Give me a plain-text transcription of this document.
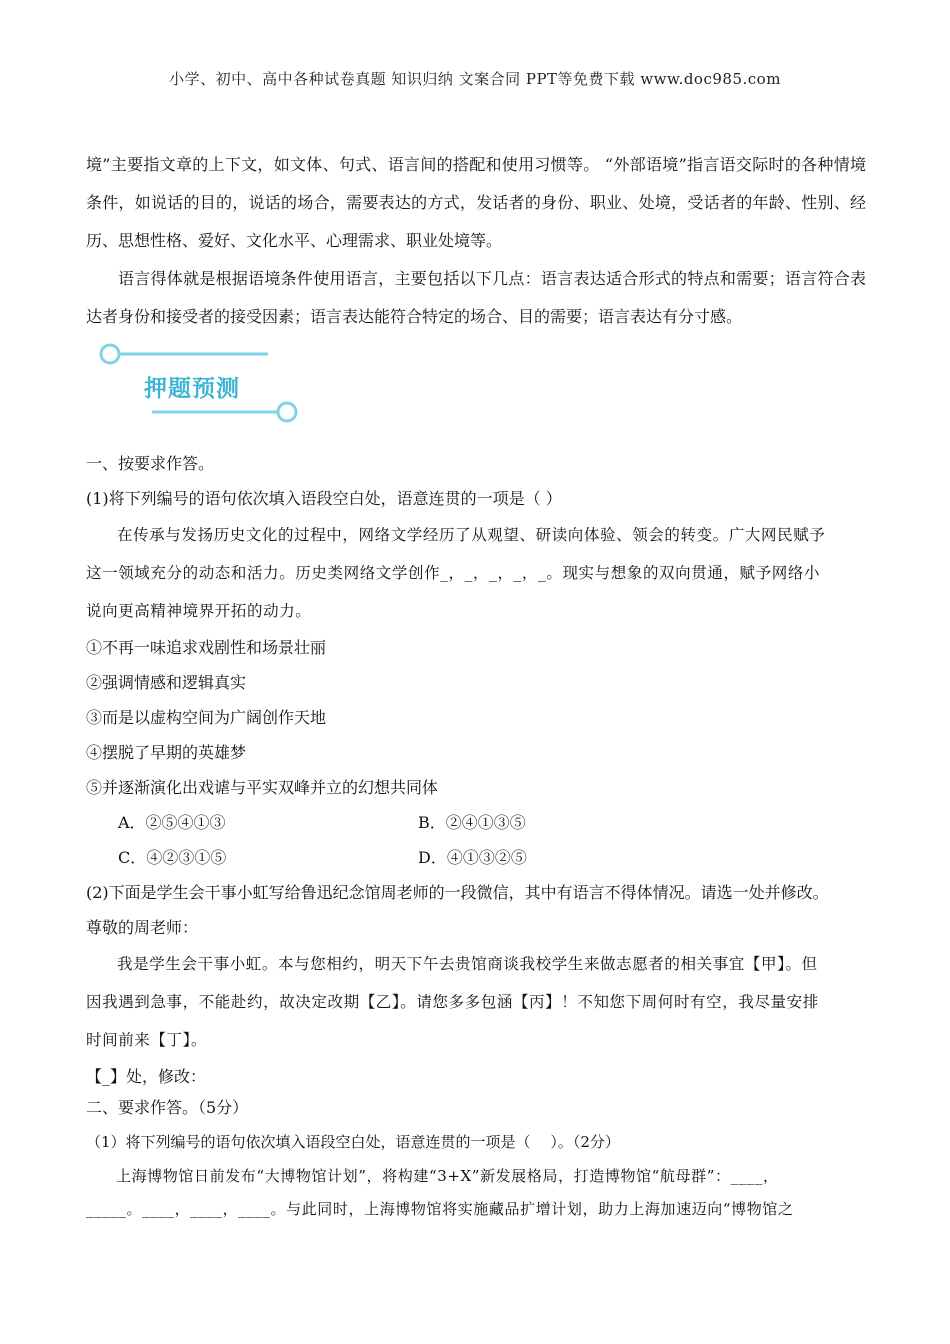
小学、初中、高中各种试卷真题 知识归纳 文案合同 PPT等免费下载 www.doc985.com

境”主要指文章的上下文，如文体、句式、语言间的搭配和使用习惯等。 “外部语境”指言语交际时的各种情境条件，如说话的目的，说话的场合，需要表达的方式，发话者的身份、职业、处境，受话者的年龄、性别、经历、思想性格、爱好、文化水平、心理需求、职业处境等。

语言得体就是根据语境条件使用语言，主要包括以下几点：语言表达适合形式的特点和需要；语言符合表达者身份和接受者的接受因素；语言表达能符合特定的场合、目的需要；语言表达有分寸感。

押题预测

一、按要求作答。

(1)将下列编号的语句依次填入语段空白处，语意连贯的一项是（ ）

在传承与发扬历史文化的过程中，网络文学经历了从观望、研读向体验、领会的转变。广大网民赋予

这一领域充分的动态和活力。历史类网络文学创作_，_，_，_，_。现实与想象的双向贯通，赋予网络小

说向更高精神境界开拓的动力。

①不再一味追求戏剧性和场景壮丽

②强调情感和逻辑真实

③而是以虚构空间为广阔创作天地

④摆脱了早期的英雄梦

⑤并逐渐演化出戏谑与平实双峰并立的幻想共同体

A．②⑤④①③	B．②④①③⑤
C．④②③①⑤	D．④①③②⑤

(2)下面是学生会干事小虹写给鲁迅纪念馆周老师的一段微信，其中有语言不得体情况。请选一处并修改。

尊敬的周老师：

我是学生会干事小虹。本与您相约，明天下午去贵馆商谈我校学生来做志愿者的相关事宜【甲】。但

因我遇到急事，不能赴约，故决定改期【乙】。请您多多包涵【丙】！不知您下周何时有空，我尽量安排

时间前来【丁】。

【_】处，修改：

二、要求作答。（5分）

（1）将下列编号的语句依次填入语段空白处，语意连贯的一项是（　 ）。（2分）

上海博物馆日前发布“大博物馆计划”，将构建“3+X”新发展格局，打造博物馆“航母群”：____，

_____。____，____，____。与此同时，上海博物馆将实施藏品扩增计划，助力上海加速迈向“博物馆之
